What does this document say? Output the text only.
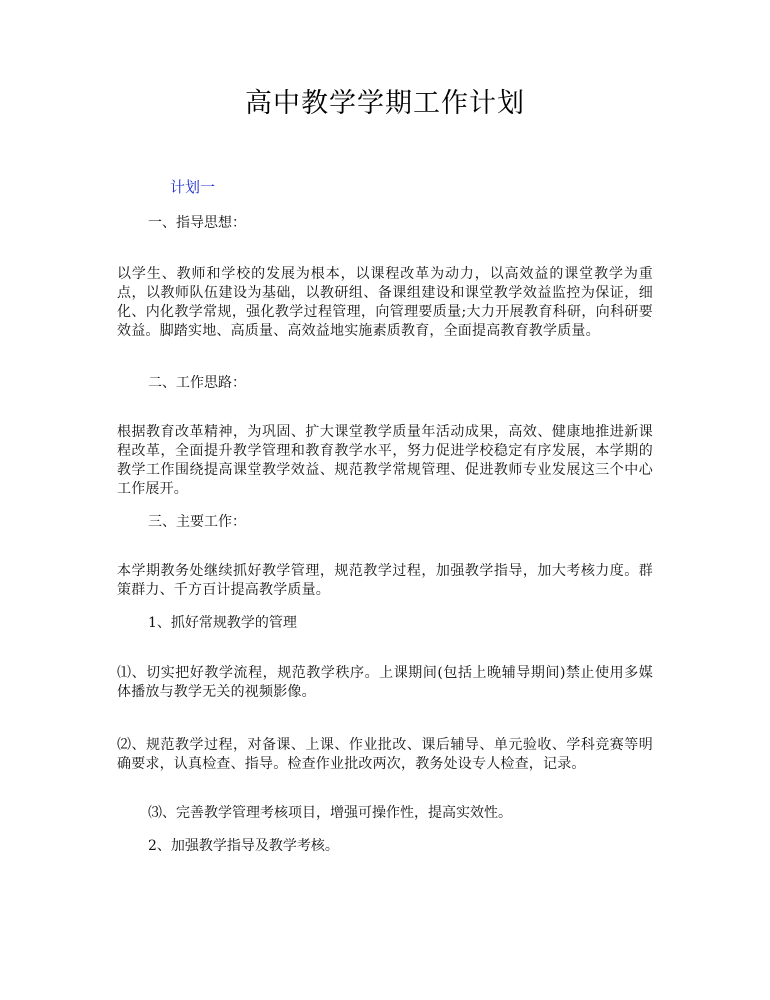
高中教学学期工作计划
计划一
一、指导思想：
以学生、教师和学校的发展为根本，以课程改革为动力，以高效益的课堂教学为重点，以教师队伍建设为基础，以教研组、备课组建设和课堂教学效益监控为保证，细化、内化教学常规，强化教学过程管理，向管理要质量;大力开展教育科研，向科研要效益。脚踏实地、高质量、高效益地实施素质教育，全面提高教育教学质量。
二、工作思路：
根据教育改革精神，为巩固、扩大课堂教学质量年活动成果，高效、健康地推进新课程改革，全面提升教学管理和教育教学水平，努力促进学校稳定有序发展，本学期的教学工作围绕提高课堂教学效益、规范教学常规管理、促进教师专业发展这三个中心工作展开。
三、主要工作：
本学期教务处继续抓好教学管理，规范教学过程，加强教学指导，加大考核力度。群策群力、千方百计提高教学质量。
1、抓好常规教学的管理
⑴、切实把好教学流程，规范教学秩序。上课期间(包括上晚辅导期间)禁止使用多媒体播放与教学无关的视频影像。
⑵、规范教学过程，对备课、上课、作业批改、课后辅导、单元验收、学科竞赛等明确要求，认真检查、指导。检查作业批改两次，教务处设专人检查，记录。
⑶、完善教学管理考核项目，增强可操作性，提高实效性。
2、加强教学指导及教学考核。
